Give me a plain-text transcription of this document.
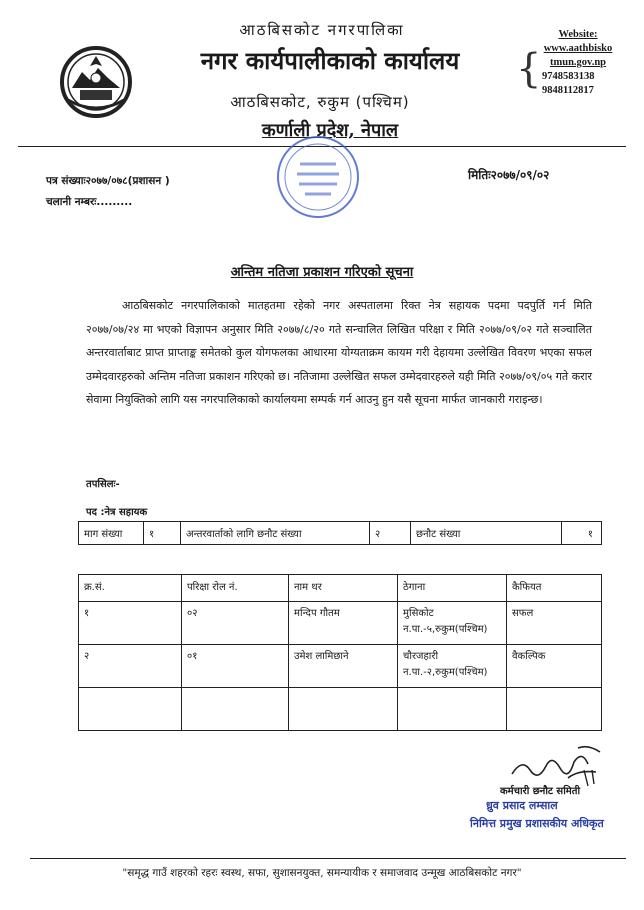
आठबिसकोट नगरपालिका
नगर कार्यपालीकाको कार्यालय
आठबिसकोट, रुकुम (पश्चिम)
कर्णाली प्रदेश, नेपाल
{
Website:
www.aathbisko
tmun.gov.np
9748583138
9848112817
पत्र संख्याः२०७७/०७८(प्रशासन )
चलानी नम्बरः.........
मितिः२०७७/०९/०२
अन्तिम नतिजा प्रकाशन गरिएको सूचना
आठबिसकोट नगरपालिकाको मातहतमा रहेको नगर अस्पतालमा रिक्त नेत्र सहायक पदमा पदपुर्ति गर्न मिति २०७७/०७/२४ मा भएको विज्ञापन अनुसार मिति २०७७/८/२० गते सन्चालित लिखित परिक्षा र मिति २०७७/०९/०२ गते सञ्चालित अन्तरवार्ताबाट प्राप्त प्राप्ताङ्क समेतको कुल योगफलका आधारमा योग्यताक्रम कायम गरी देहायमा उल्लेखित विवरण भएका सफल उम्मेदवारहरुको अन्तिम नतिजा प्रकाशन गरिएको छ। नतिजामा उल्लेखित सफल उम्मेदवारहरुले यही मिति २०७७/०९/०५ गते करार सेवामा नियुक्तिको लागि यस नगरपालिकाको कार्यालयमा सम्पर्क गर्न आउनु हुन यसै सूचना मार्फत जानकारी गराइन्छ।
तपसिलः-
पद :नेत्र सहायक
माग संख्या	१	अन्तरवार्ताको लागि छनौट संख्या	२	छनौट संख्या	१
क्र.सं.	परिक्षा रोल नं.	नाम थर	ठेगाना	कैफियत
१	०२	मन्दिप गौतम	मुसिकोट न.पा.-५,रुकुम(पश्चिम)	सफल
२	०१	उमेश लामिछाने	चौरजहारी न.पा.-२,रुकुम(पश्चिम)	वैकल्पिक

कर्मचारी छनौट समिती
ध्रुव प्रसाद लम्साल
निमित्त प्रमुख प्रशासकीय अधिकृत
"समृद्ध गाउँ शहरको रहरः स्वस्थ, सफा, सुशासनयुक्त, समन्यायीक र समाजवाद उन्मूख आठबिसकोट नगर"
